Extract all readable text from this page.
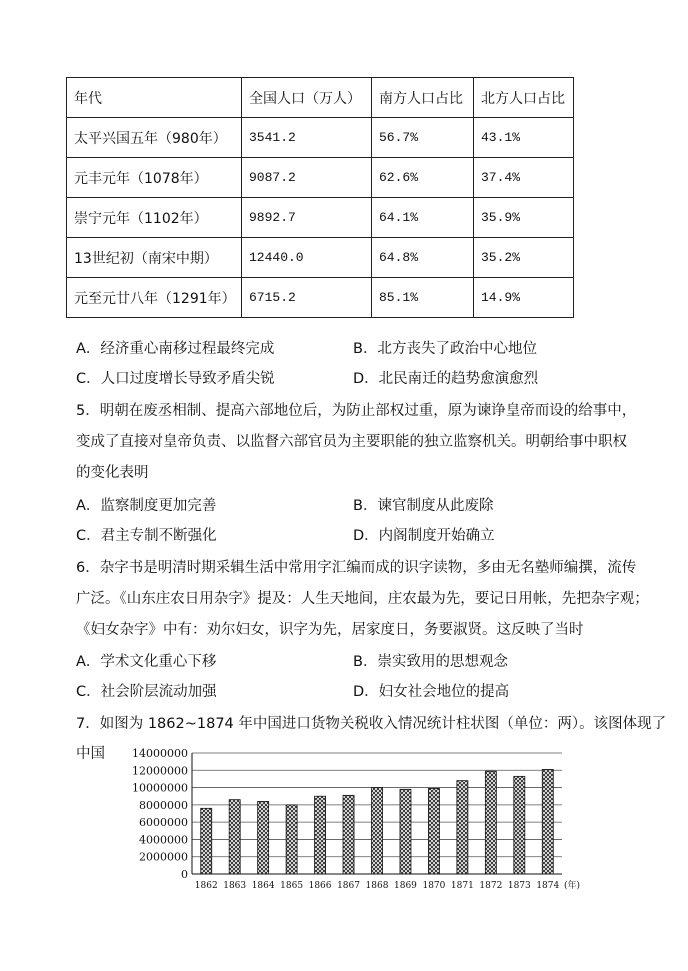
年代	全国人口（万人）	南方人口占比	北方人口占比
太平兴国五年（980年）	3541.2	56.7%	43.1%
元丰元年（1078年）	9087.2	62.6%	37.4%
崇宁元年（1102年）	9892.7	64.1%	35.9%
13世纪初（南宋中期）	12440.0	64.8%	35.2%
元至元廿八年（1291年）	6715.2	85.1%	14.9%
A．经济重心南移过程最终完成	B．北方丧失了政治中心地位
C．人口过度增长导致矛盾尖锐	D．北民南迁的趋势愈演愈烈
5．明朝在废丞相制、提高六部地位后，为防止部权过重，原为谏诤皇帝而设的给事中，
变成了直接对皇帝负责、以监督六部官员为主要职能的独立监察机关。明朝给事中职权
的变化表明
A．监察制度更加完善	B．谏官制度从此废除
C．君主专制不断强化	D．内阁制度开始确立
6．杂字书是明清时期采辑生活中常用字汇编而成的识字读物，多由无名塾师编撰，流传
广泛。《山东庄农日用杂字》提及：人生天地间，庄农最为先，要记日用帐，先把杂字观；
《妇女杂字》中有：劝尔妇女，识字为先，居家度日，务要淑贤。这反映了当时
A．学术文化重心下移	B．崇实致用的思想观念
C．社会阶层流动加强	D．妇女社会地位的提高
7．如图为 1862~1874 年中国进口货物关税收入情况统计柱状图（单位：两）。该图体现了
中国
0
2000000
4000000
6000000
8000000
10000000
12000000
14000000
1862 1863 1864 1865 1866 1867 1868 1869 1870 1871 1872 1873 1874 (年)
